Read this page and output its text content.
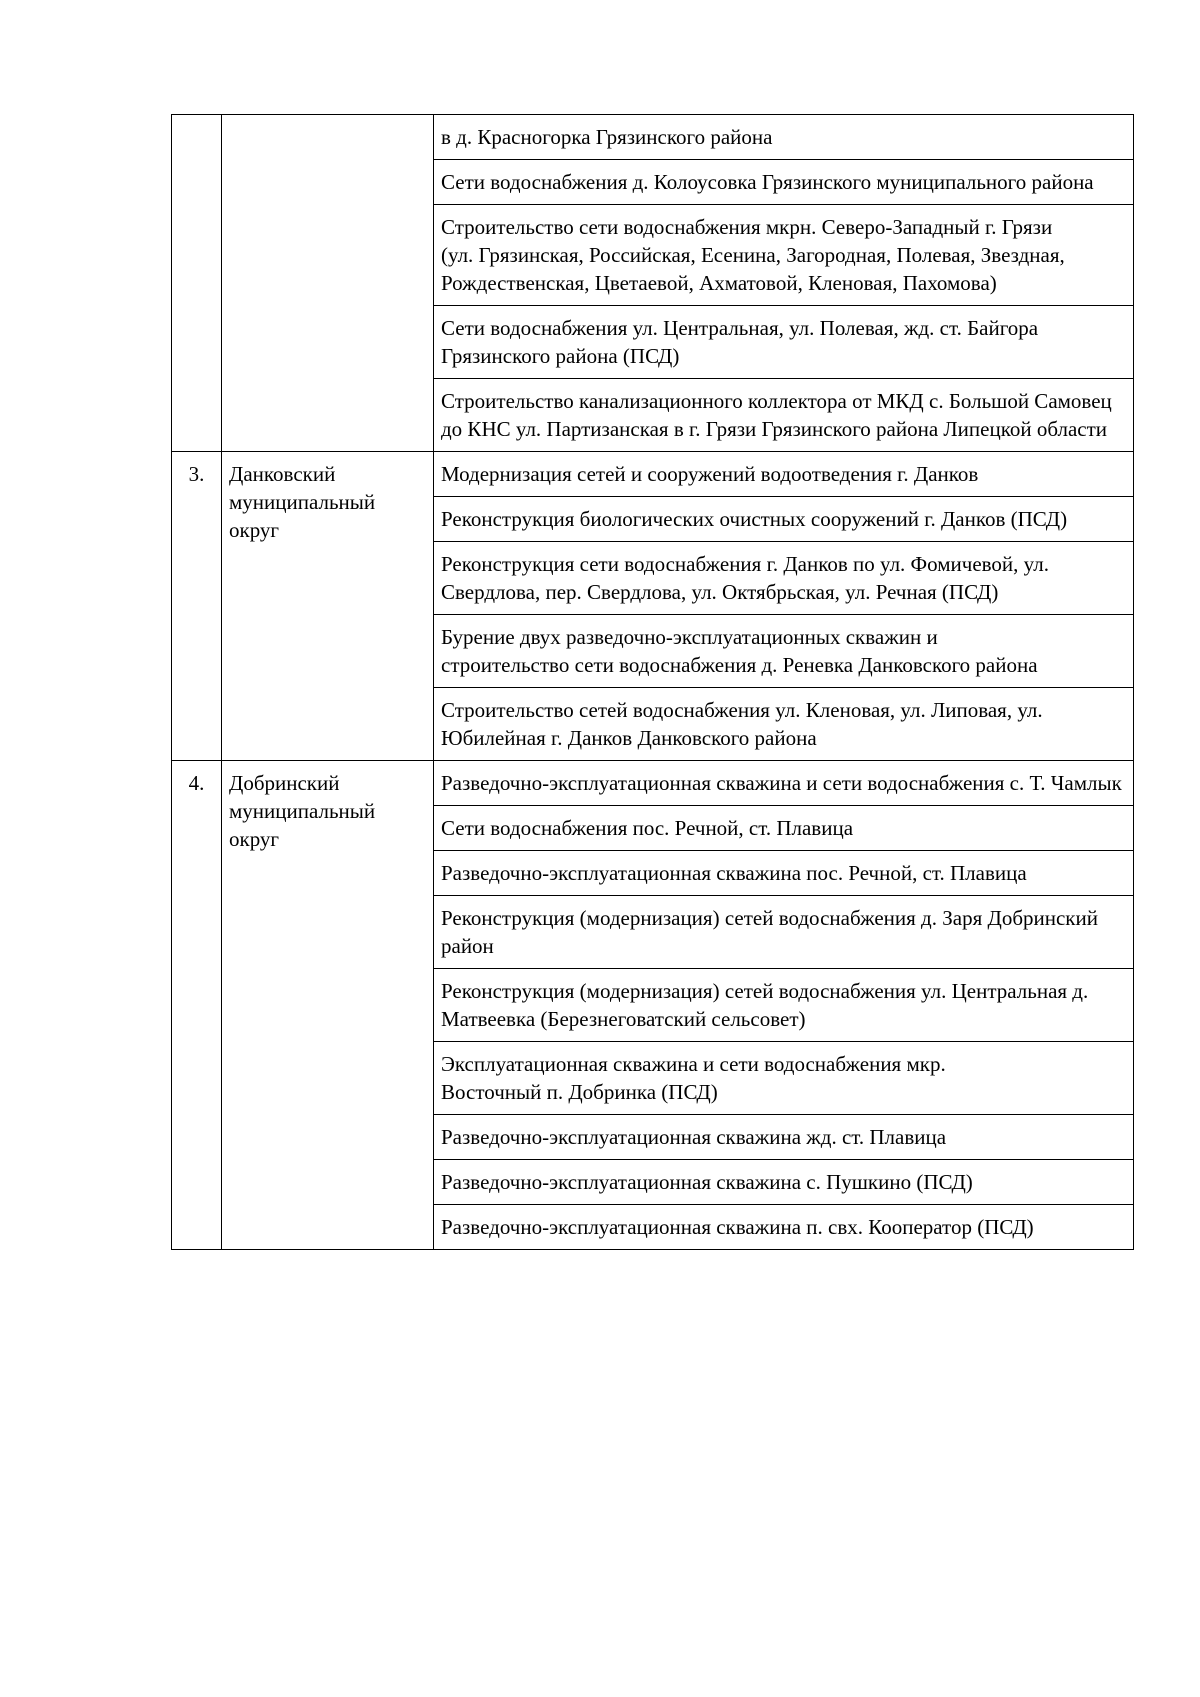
		в д. Красногорка Грязинского района

		Сети водоснабжения д. Колоусовка Грязинского муниципального района

		Строительство сети водоснабжения мкрн. Северо-Западный г. Грязи (ул. Грязинская, Российская, Есенина, Загородная, Полевая, Звездная, Рождественская, Цветаевой, Ахматовой, Кленовая, Пахомова)

		Сети водоснабжения ул. Центральная, ул. Полевая, жд. ст. Байгора Грязинского района (ПСД)

		Строительство канализационного коллектора от МКД с. Большой Самовец до КНС ул. Партизанская в г. Грязи Грязинского района Липецкой области

3.	Данковский муниципальный округ	Модернизация сетей и сооружений водоотведения г. Данков

		Реконструкция биологических очистных сооружений г. Данков (ПСД)

		Реконструкция сети водоснабжения г. Данков по ул. Фомичевой, ул. Свердлова, пер. Свердлова, ул. Октябрьская, ул. Речная (ПСД)

		Бурение двух разведочно-эксплуатационных скважин и строительство сети водоснабжения д. Реневка Данковского района

		Строительство сетей водоснабжения ул. Кленовая, ул. Липовая, ул. Юбилейная г. Данков Данковского района

4.	Добринский муниципальный округ	Разведочно-эксплуатационная скважина и сети водоснабжения с. Т. Чамлык

		Сети водоснабжения пос. Речной, ст. Плавица

		Разведочно-эксплуатационная скважина пос. Речной, ст. Плавица

		Реконструкция (модернизация) сетей водоснабжения д. Заря Добринский район

		Реконструкция (модернизация) сетей водоснабжения ул. Центральная д. Матвеевка (Березнеговатский сельсовет)

		Эксплуатационная скважина и сети водоснабжения мкр. Восточный п. Добринка (ПСД)

		Разведочно-эксплуатационная скважина жд. ст. Плавица

		Разведочно-эксплуатационная скважина с. Пушкино (ПСД)

		Разведочно-эксплуатационная скважина п. свх. Кооператор (ПСД)
